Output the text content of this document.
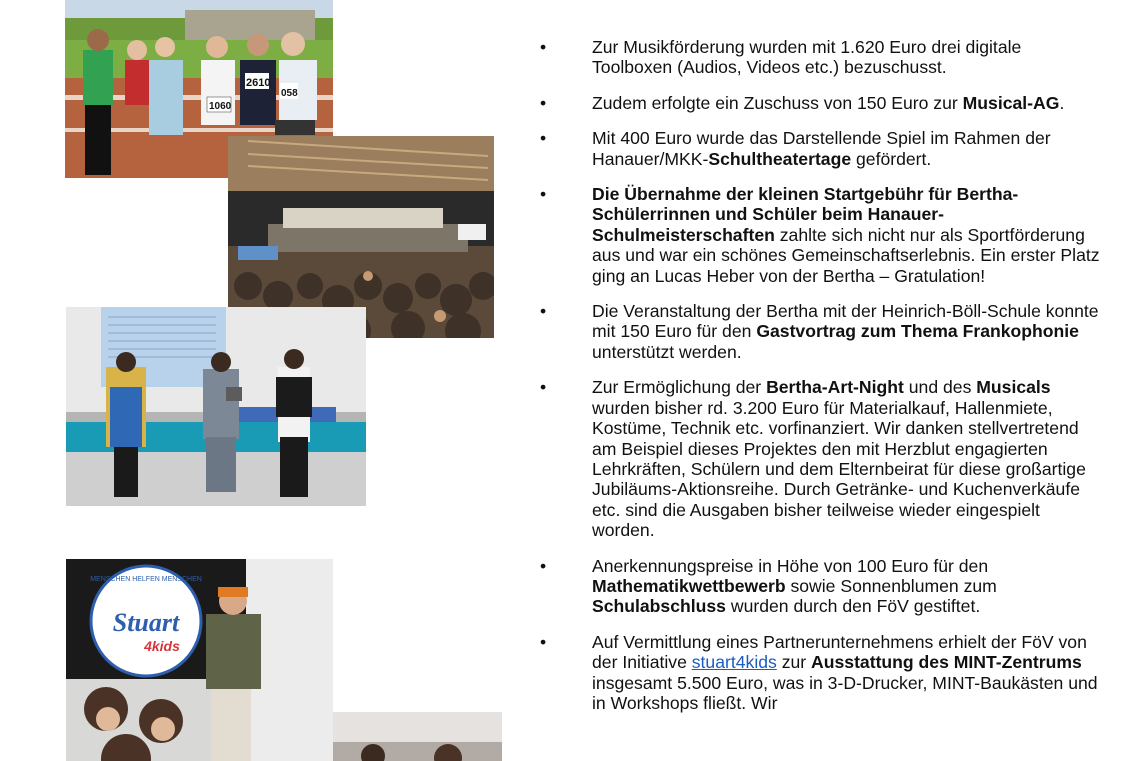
1060
2610
058
MENSCHEN HELFEN MENSCHEN
Stuart
4kids
•	Zur Musikförderung wurden mit 1.620 Euro drei digitale Toolboxen (Audios, Videos etc.) bezuschusst.
•	Zudem erfolgte ein Zuschuss von 150 Euro zur Musical-AG.
•	Mit 400 Euro wurde das Darstellende Spiel im Rahmen der Hanauer/MKK-Schultheatertage gefördert.
•	Die Übernahme der kleinen Startgebühr für Bertha-Schülerrinnen und Schüler beim Hanauer-Schulmeisterschaften zahlte sich nicht nur als Sportförderung aus und war ein schönes Gemeinschaftserlebnis. Ein erster Platz ging an Lucas Heber von der Bertha – Gratulation!
•	Die Veranstaltung der Bertha mit der Heinrich-Böll-Schule konnte mit 150 Euro für den Gastvortrag zum Thema Frankophonie unterstützt werden.
•	Zur Ermöglichung der Bertha-Art-Night und des Musicals wurden bisher rd. 3.200 Euro für Materialkauf, Hallenmiete, Kostüme, Technik etc. vorfinanziert. Wir danken stellvertretend am Beispiel dieses Projektes den mit Herzblut engagierten Lehrkräften, Schülern und dem Elternbeirat für diese großartige Jubiläums-Aktionsreihe. Durch Getränke- und Kuchenverkäufe etc. sind die Ausgaben bisher teilweise wieder eingespielt worden.
•	Anerkennungspreise in Höhe von 100 Euro für den Mathematikwettbewerb sowie Sonnenblumen zum Schulabschluss wurden durch den FöV gestiftet.
•	Auf Vermittlung eines Partnerunternehmens erhielt der FöV von der Initiative stuart4kids zur Ausstattung des MINT-Zentrums insgesamt 5.500 Euro, was in 3-D-Drucker, MINT-Baukästen und in Workshops fließt. Wir
